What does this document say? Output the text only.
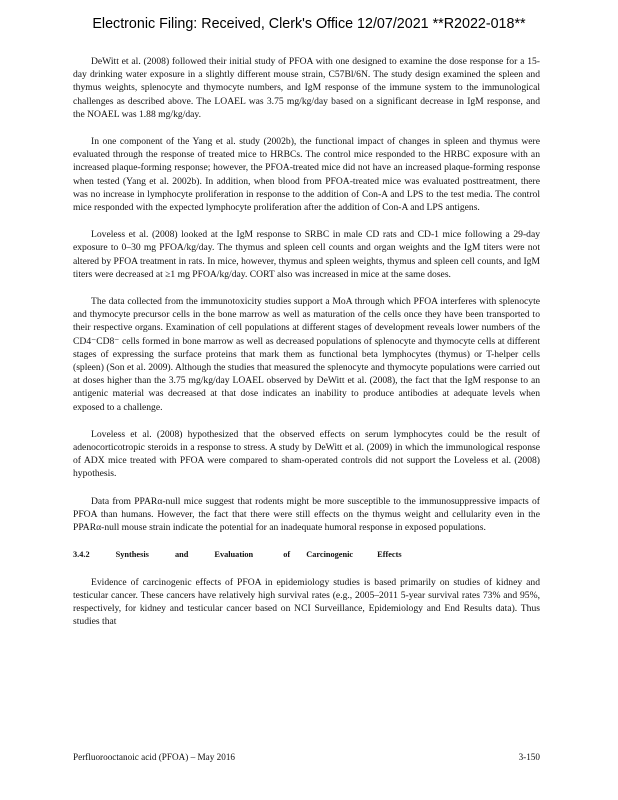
Electronic Filing: Received, Clerk's Office 12/07/2021 **R2022-018**

DeWitt et al. (2008) followed their initial study of PFOA with one designed to examine the dose response for a 15-day drinking water exposure in a slightly different mouse strain, C57Bl/6N. The study design examined the spleen and thymus weights, splenocyte and thymocyte numbers, and IgM response of the immune system to the immunological challenges as described above. The LOAEL was 3.75 mg/kg/day based on a significant decrease in IgM response, and the NOAEL was 1.88 mg/kg/day.

In one component of the Yang et al. study (2002b), the functional impact of changes in spleen and thymus were evaluated through the response of treated mice to HRBCs. The control mice responded to the HRBC exposure with an increased plaque-forming response; however, the PFOA-treated mice did not have an increased plaque-forming response when tested (Yang et al. 2002b). In addition, when blood from PFOA-treated mice was evaluated posttreatment, there was no increase in lymphocyte proliferation in response to the addition of Con-A and LPS to the test media. The control mice responded with the expected lymphocyte proliferation after the addition of Con-A and LPS antigens.

Loveless et al. (2008) looked at the IgM response to SRBC in male CD rats and CD-1 mice following a 29-day exposure to 0–30 mg PFOA/kg/day. The thymus and spleen cell counts and organ weights and the IgM titers were not altered by PFOA treatment in rats. In mice, however, thymus and spleen weights, thymus and spleen cell counts, and IgM titers were decreased at ≥1 mg PFOA/kg/day. CORT also was increased in mice at the same doses.

The data collected from the immunotoxicity studies support a MoA through which PFOA interferes with splenocyte and thymocyte precursor cells in the bone marrow as well as maturation of the cells once they have been transported to their respective organs. Examination of cell populations at different stages of development reveals lower numbers of the CD4⁻CD8⁻ cells formed in bone marrow as well as decreased populations of splenocyte and thymocyte cells at different stages of expressing the surface proteins that mark them as functional beta lymphocytes (thymus) or T-helper cells (spleen) (Son et al. 2009). Although the studies that measured the splenocyte and thymocyte populations were carried out at doses higher than the 3.75 mg/kg/day LOAEL observed by DeWitt et al. (2008), the fact that the IgM response to an antigenic material was decreased at that dose indicates an inability to produce antibodies at adequate levels when exposed to a challenge.

Loveless et al. (2008) hypothesized that the observed effects on serum lymphocytes could be the result of adenocorticotropic steroids in a response to stress. A study by DeWitt et al. (2009) in which the immunological response of ADX mice treated with PFOA were compared to sham-operated controls did not support the Loveless et al. (2008) hypothesis.

Data from PPARα-null mice suggest that rodents might be more susceptible to the immunosuppressive impacts of PFOA than humans. However, the fact that there were still effects on the thymus weight and cellularity even in the PPARα-null mouse strain indicate the potential for an inadequate humoral response in exposed populations.

3.4.2	Synthesis	and	Evaluation	of Carcinogenic	Effects

Evidence of carcinogenic effects of PFOA in epidemiology studies is based primarily on studies of kidney and testicular cancer. These cancers have relatively high survival rates (e.g., 2005–2011 5-year survival rates 73% and 95%, respectively, for kidney and testicular cancer based on NCI Surveillance, Epidemiology and End Results data). Thus studies that

Perfluorooctanoic acid (PFOA) – May 2016	3-150
